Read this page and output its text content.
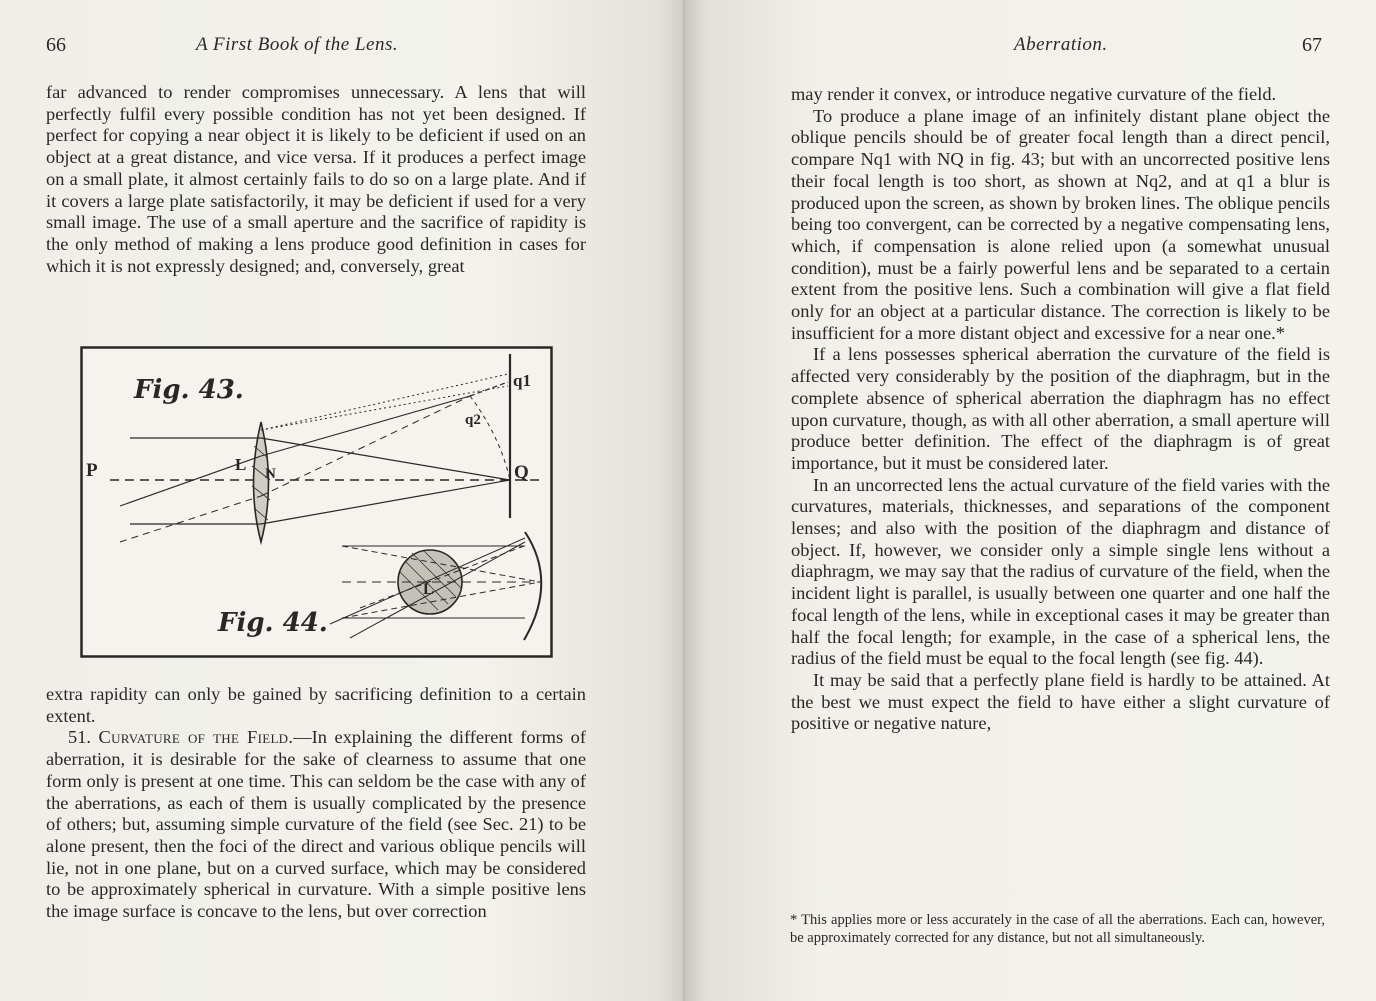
66	A First Book of the Lens.

far advanced to render compromises unnecessary. A lens that will perfectly fulfil every possible condition has not yet been designed. If perfect for copying a near object it is likely to be deficient if used on an object at a great distance, and vice versa. If it produces a perfect image on a small plate, it almost certainly fails to do so on a large plate. And if it covers a large plate satisfactorily, it may be deficient if used for a very small image. The use of a small aperture and the sacrifice of rapidity is the only method of making a lens produce good definition in cases for which it is not expressly designed; and, conversely, great

Fig. 43.
Fig. 44.
P	L N	Q
q1
q2
L

extra rapidity can only be gained by sacrificing definition to a certain extent.

51. Curvature of the Field.—In explaining the different forms of aberration, it is desirable for the sake of clearness to assume that one form only is present at one time. This can seldom be the case with any of the aberrations, as each of them is usually complicated by the presence of others; but, assuming simple curvature of the field (see Sec. 21) to be alone present, then the foci of the direct and various oblique pencils will lie, not in one plane, but on a curved surface, which may be considered to be approximately spherical in curvature. With a simple positive lens the image surface is concave to the lens, but over correction

Aberration.	67

may render it convex, or introduce negative curvature of the field.

To produce a plane image of an infinitely distant plane object the oblique pencils should be of greater focal length than a direct pencil, compare Nq1 with NQ in fig. 43; but with an uncorrected positive lens their focal length is too short, as shown at Nq2, and at q1 a blur is produced upon the screen, as shown by broken lines. The oblique pencils being too convergent, can be corrected by a negative compensating lens, which, if compensation is alone relied upon (a somewhat unusual condition), must be a fairly powerful lens and be separated to a certain extent from the positive lens. Such a combination will give a flat field only for an object at a particular distance. The correction is likely to be insufficient for a more distant object and excessive for a near one.*

If a lens possesses spherical aberration the curvature of the field is affected very considerably by the position of the diaphragm, but in the complete absence of spherical aberration the diaphragm has no effect upon curvature, though, as with all other aberration, a small aperture will produce better definition. The effect of the diaphragm is of great importance, but it must be considered later.

In an uncorrected lens the actual curvature of the field varies with the curvatures, materials, thicknesses, and separations of the component lenses; and also with the position of the diaphragm and distance of object. If, however, we consider only a simple single lens without a diaphragm, we may say that the radius of curvature of the field, when the incident light is parallel, is usually between one quarter and one half the focal length of the lens, while in exceptional cases it may be greater than half the focal length; for example, in the case of a spherical lens, the radius of the field must be equal to the focal length (see fig. 44).

It may be said that a perfectly plane field is hardly to be attained. At the best we must expect the field to have either a slight curvature of positive or negative nature,

* This applies more or less accurately in the case of all the aberrations. Each can, however, be approximately corrected for any distance, but not all simultaneously.
